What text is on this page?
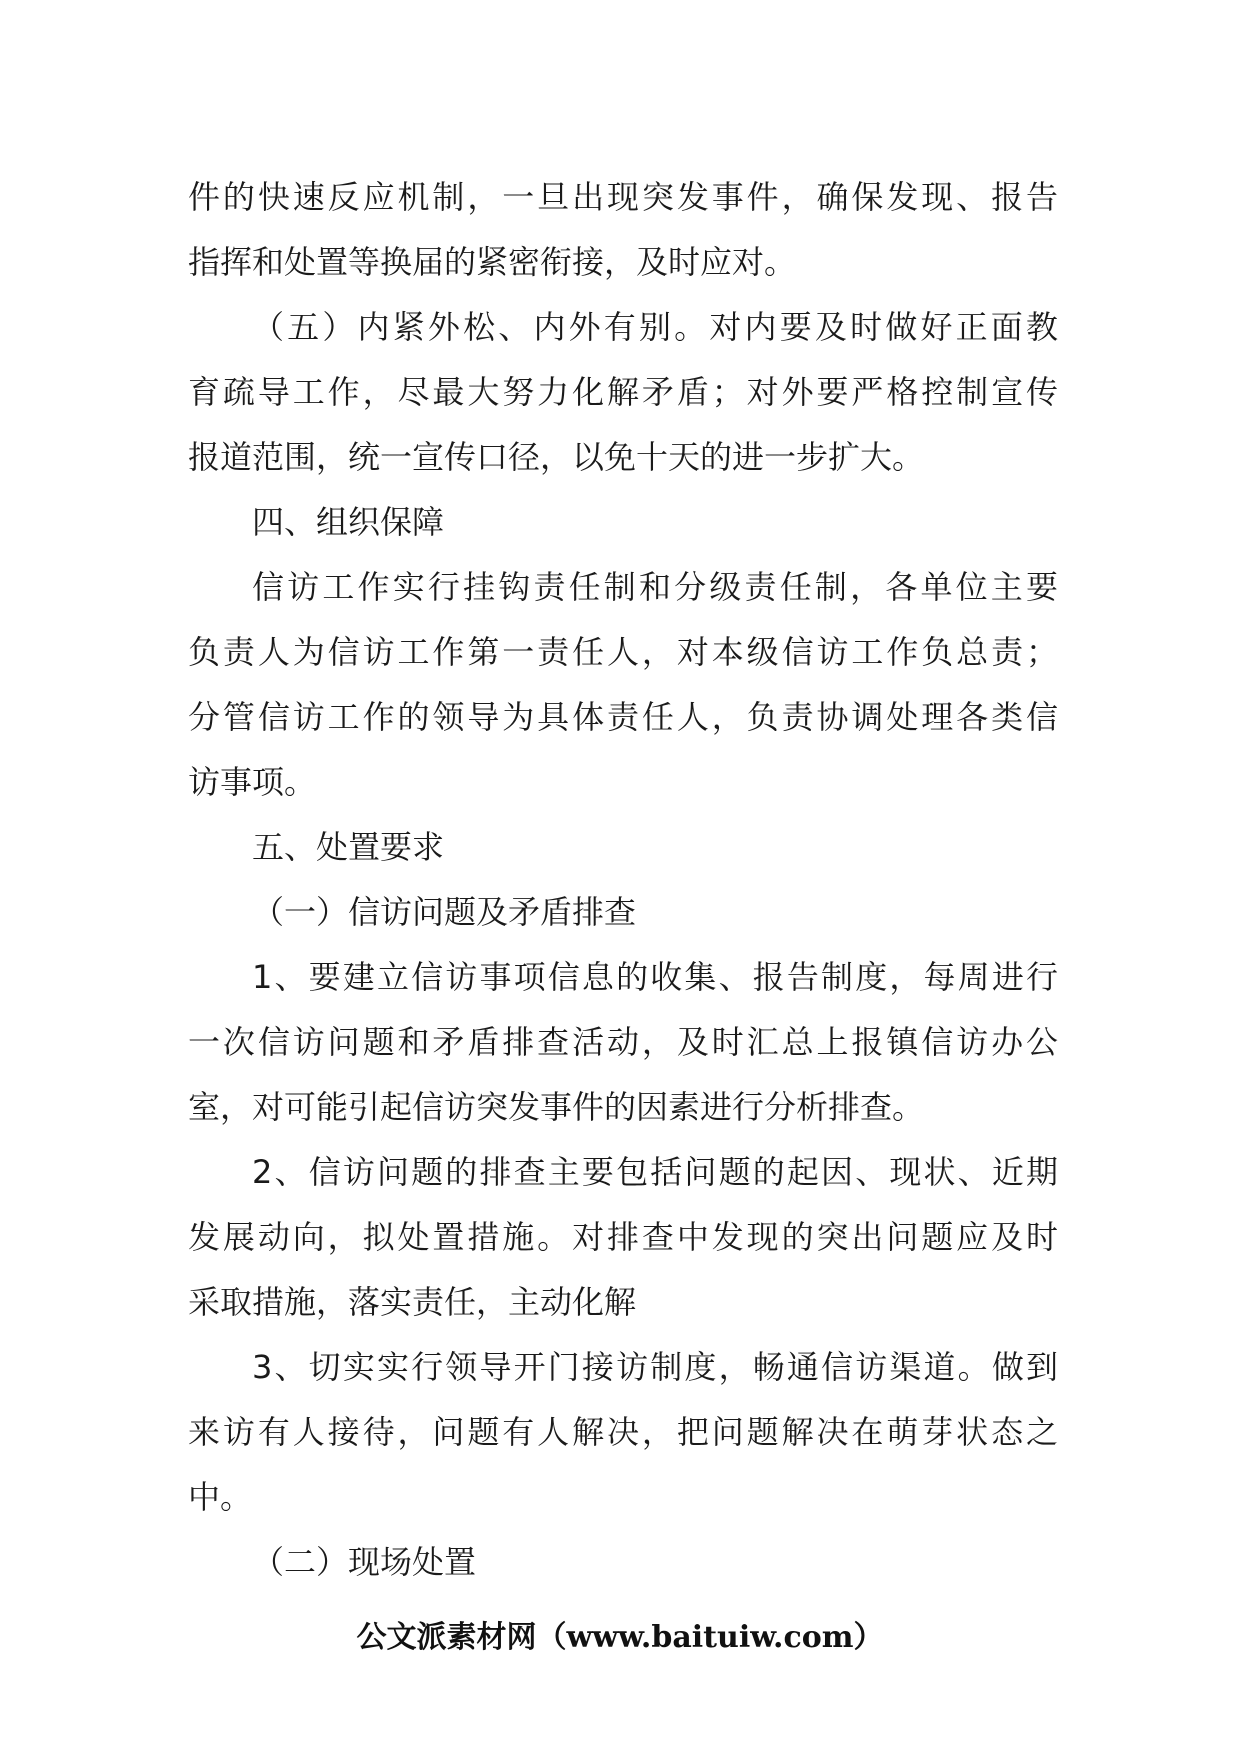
件的快速反应机制，一旦出现突发事件，确保发现、报告
指挥和处置等换届的紧密衔接，及时应对。
（五）内紧外松、内外有别。对内要及时做好正面教
育疏导工作，尽最大努力化解矛盾；对外要严格控制宣传
报道范围，统一宣传口径，以免十天的进一步扩大。
四、组织保障
信访工作实行挂钩责任制和分级责任制，各单位主要
负责人为信访工作第一责任人，对本级信访工作负总责；
分管信访工作的领导为具体责任人，负责协调处理各类信
访事项。
五、处置要求
（一）信访问题及矛盾排查
1、要建立信访事项信息的收集、报告制度，每周进行
一次信访问题和矛盾排查活动，及时汇总上报镇信访办公
室，对可能引起信访突发事件的因素进行分析排查。
2、信访问题的排查主要包括问题的起因、现状、近期
发展动向，拟处置措施。对排查中发现的突出问题应及时
采取措施，落实责任，主动化解
3、切实实行领导开门接访制度，畅通信访渠道。做到
来访有人接待，问题有人解决，把问题解决在萌芽状态之
中。
（二）现场处置
公文派素材网（www.baituiw.com）
